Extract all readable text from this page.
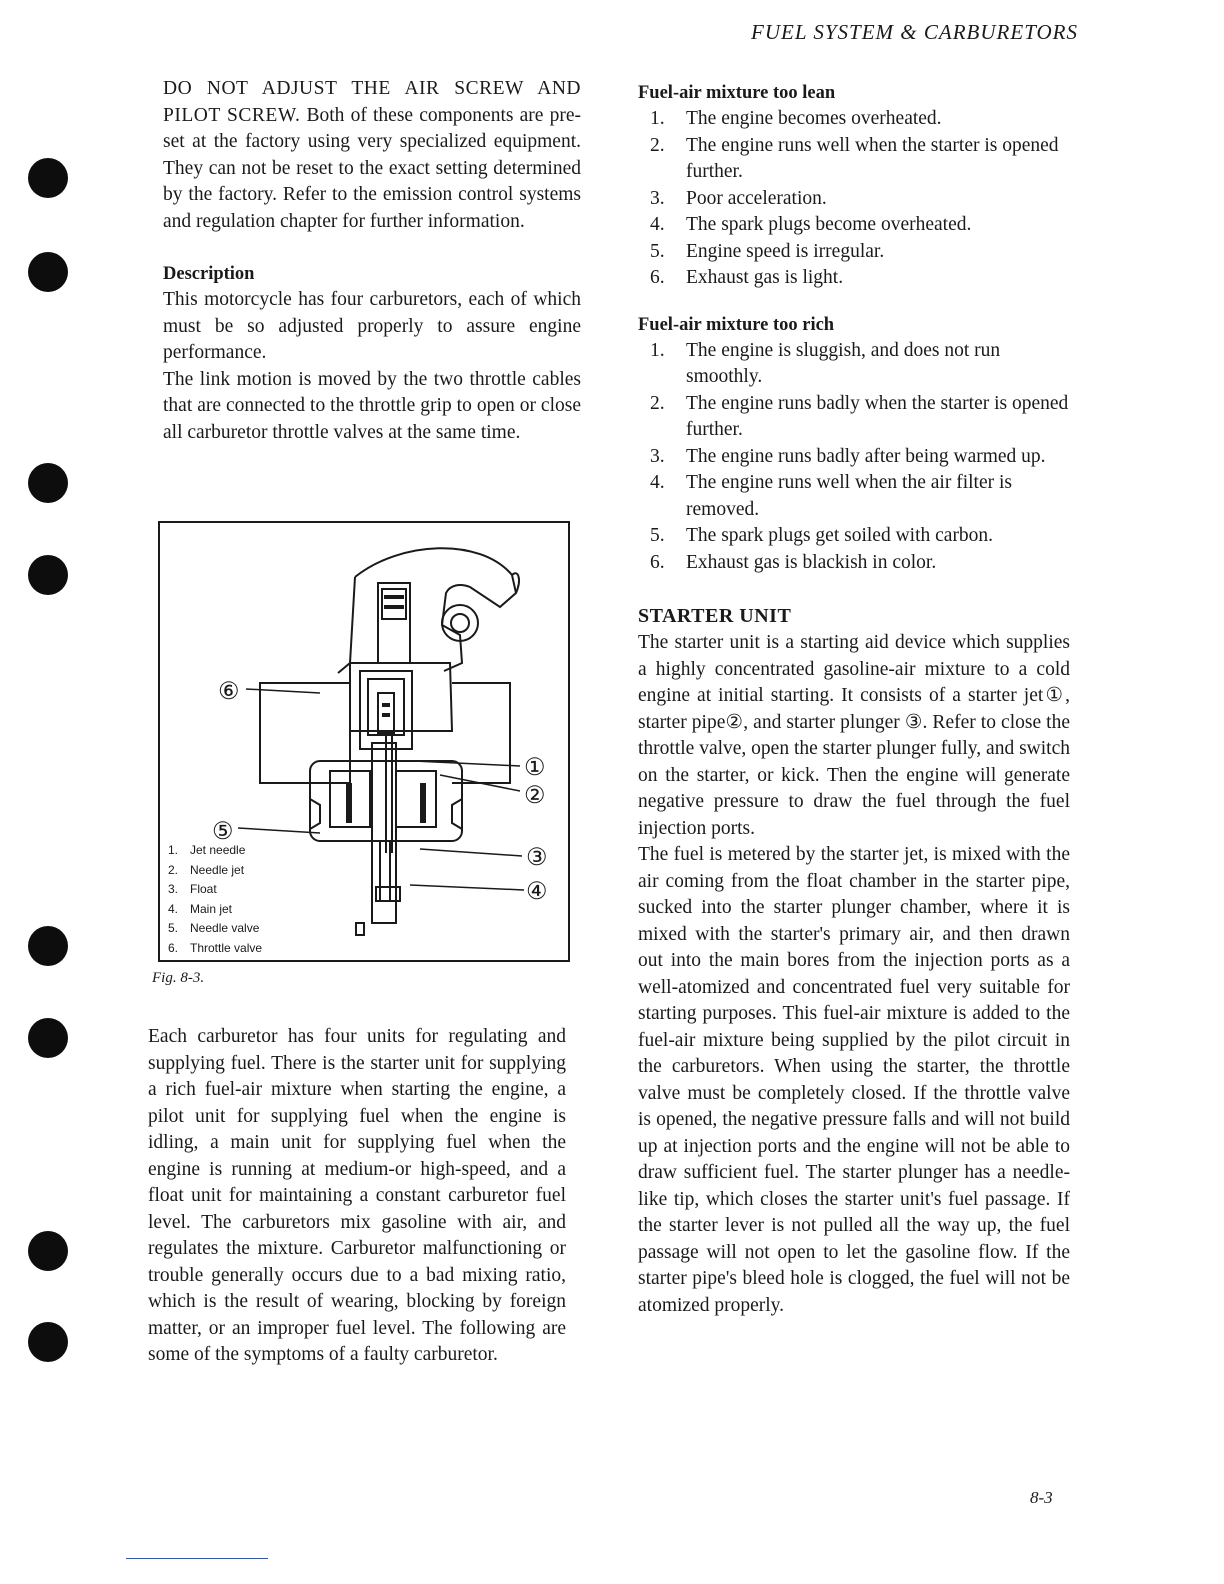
FUEL SYSTEM & CARBURETORS

DO NOT ADJUST THE AIR SCREW AND PILOT SCREW. Both of these components are pre-set at the factory using very specialized equipment. They can not be reset to the exact setting determined by the factory. Refer to the emission control systems and regulation chapter for further information.

Description

This motorcycle has four carburetors, each of which must be so adjusted properly to assure engine performance.

The link motion is moved by the two throttle cables that are connected to the throttle grip to open or close all carburetor throttle valves at the same time.

⑥
⑤
①
②
③
④
1. Jet needle
2. Needle jet
3. Float
4. Main jet
5. Needle valve
6. Throttle valve
Fig. 8-3.

Each carburetor has four units for regulating and supplying fuel. There is the starter unit for supplying a rich fuel-air mixture when starting the engine, a pilot unit for supplying fuel when the engine is idling, a main unit for supplying fuel when the engine is running at medium-or high-speed, and a float unit for maintaining a constant carburetor fuel level. The carburetors mix gasoline with air, and regulates the mixture. Carburetor malfunctioning or trouble generally occurs due to a bad mixing ratio, which is the result of wearing, blocking by foreign matter, or an improper fuel level. The following are some of the symptoms of a faulty carburetor.

Fuel-air mixture too lean
1.	The engine becomes overheated.
2.	The engine runs well when the starter is opened further.
3.	Poor acceleration.
4.	The spark plugs become overheated.
5.	Engine speed is irregular.
6.	Exhaust gas is light.
Fuel-air mixture too rich
1.	The engine is sluggish, and does not run smoothly.
2.	The engine runs badly when the starter is opened further.
3.	The engine runs badly after being warmed up.
4.	The engine runs well when the air filter is removed.
5.	The spark plugs get soiled with carbon.
6.	Exhaust gas is blackish in color.
STARTER UNIT

The starter unit is a starting aid device which supplies a highly concentrated gasoline-air mixture to a cold engine at initial starting. It consists of a starter jet①, starter pipe②, and starter plunger ③. Refer to close the throttle valve, open the starter plunger fully, and switch on the starter, or kick. Then the engine will generate negative pressure to draw the fuel through the fuel injection ports.

The fuel is metered by the starter jet, is mixed with the air coming from the float chamber in the starter pipe, sucked into the starter plunger chamber, where it is mixed with the starter's primary air, and then drawn out into the main bores from the injection ports as a well-atomized and concentrated fuel very suitable for starting purposes. This fuel-air mixture is added to the fuel-air mixture being supplied by the pilot circuit in the carburetors. When using the starter, the throttle valve must be completely closed. If the throttle valve is opened, the negative pressure falls and will not build up at injection ports and the engine will not be able to draw sufficient fuel. The starter plunger has a needle-like tip, which closes the starter unit's fuel passage. If the starter lever is not pulled all the way up, the fuel passage will not open to let the gasoline flow. If the starter pipe's bleed hole is clogged, the fuel will not be atomized properly.

8-3
